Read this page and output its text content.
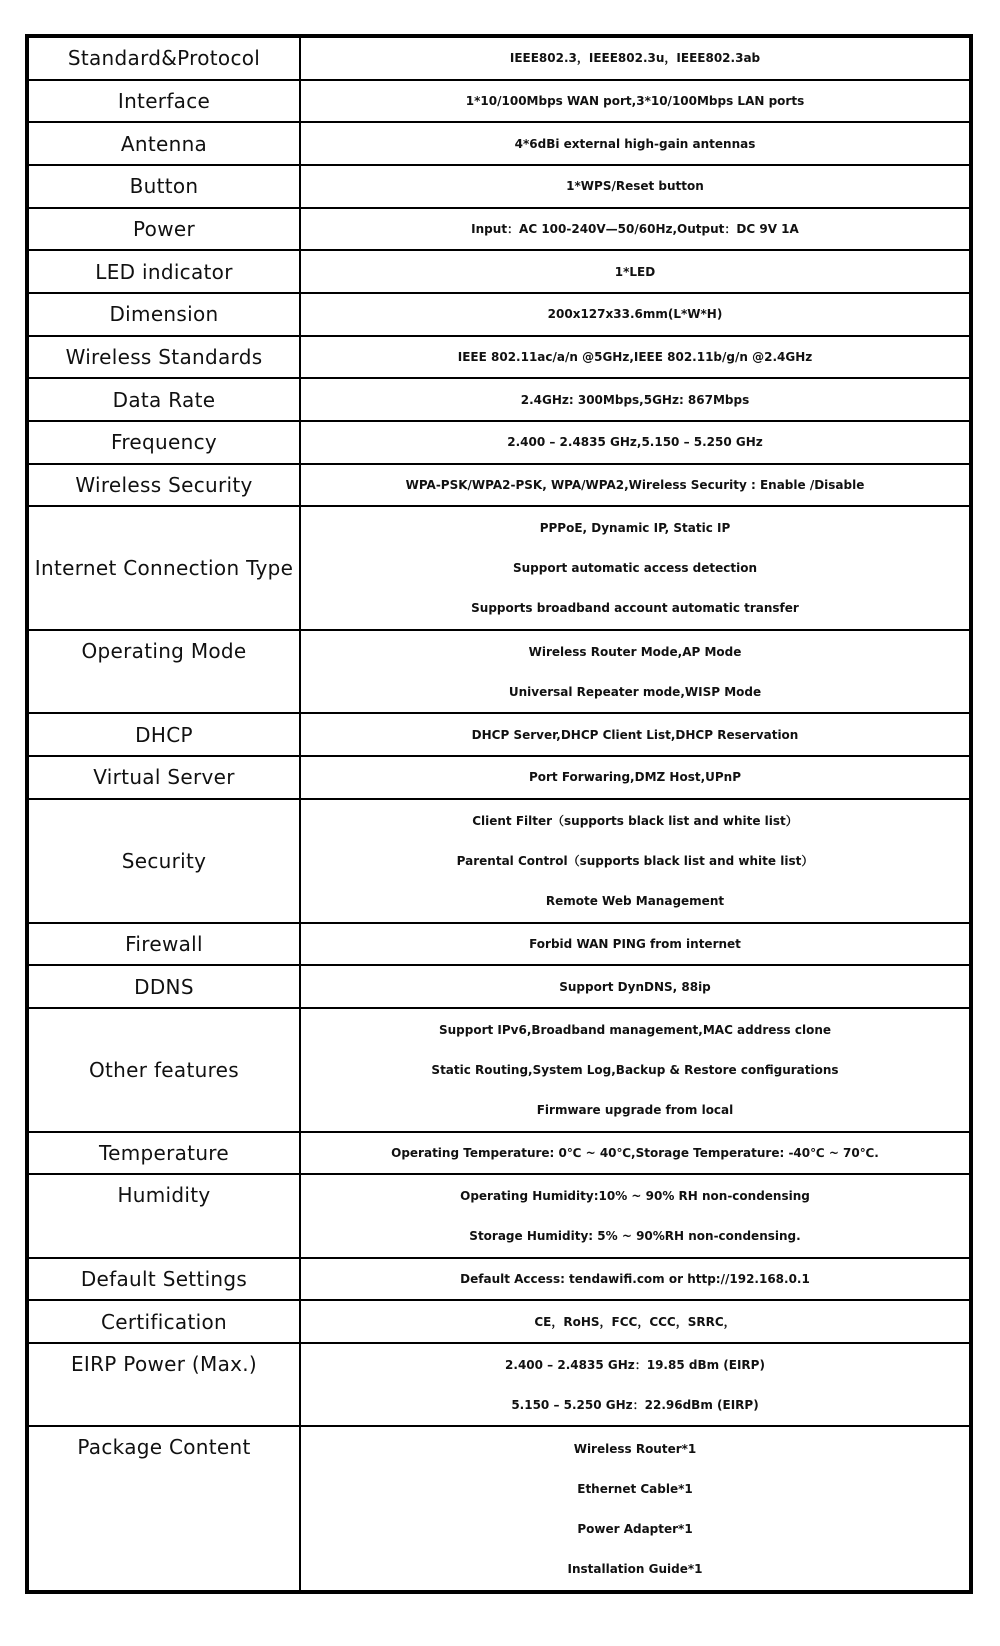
Standard&Protocol	IEEE802.3，IEEE802.3u，IEEE802.3ab

Interface	1*10/100Mbps WAN port,3*10/100Mbps LAN ports

Antenna	4*6dBi external high-gain antennas

Button	1*WPS/Reset button

Power	Input：AC 100-240V—50/60Hz,Output：DC 9V 1A

LED indicator	1*LED

Dimension	200x127x33.6mm(L*W*H)

Wireless Standards	IEEE 802.11ac/a/n @5GHz,IEEE 802.11b/g/n @2.4GHz

Data Rate	2.4GHz: 300Mbps,5GHz: 867Mbps

Frequency	2.400 – 2.4835 GHz,5.150 – 5.250 GHz

Wireless Security	WPA-PSK/WPA2-PSK, WPA/WPA2,Wireless Security : Enable /Disable

Internet Connection Type	PPPoE, Dynamic IP, Static IP
Support automatic access detection
Supports broadband account automatic transfer

Operating Mode	Wireless Router Mode,AP Mode
Universal Repeater mode,WISP Mode

DHCP	DHCP Server,DHCP Client List,DHCP Reservation

Virtual Server	Port Forwaring,DMZ Host,UPnP

Security	Client Filter（supports black list and white list）
Parental Control（supports black list and white list）
Remote Web Management

Firewall	Forbid WAN PING from internet

DDNS	Support DynDNS, 88ip

Other features	Support IPv6,Broadband management,MAC address clone
Static Routing,System Log,Backup & Restore configurations
Firmware upgrade from local

Temperature	Operating Temperature: 0℃ ~ 40℃,Storage Temperature: -40℃ ~ 70℃.

Humidity	Operating Humidity:10% ~ 90% RH non-condensing
Storage Humidity: 5% ~ 90%RH non-condensing.

Default Settings	Default Access: tendawifi.com or http://192.168.0.1

Certification	CE，RoHS，FCC，CCC，SRRC，

EIRP Power (Max.)	2.400 – 2.4835 GHz：19.85 dBm (EIRP)
5.150 – 5.250 GHz：22.96dBm (EIRP)

Package Content	Wireless Router*1
Ethernet Cable*1
Power Adapter*1
Installation Guide*1
